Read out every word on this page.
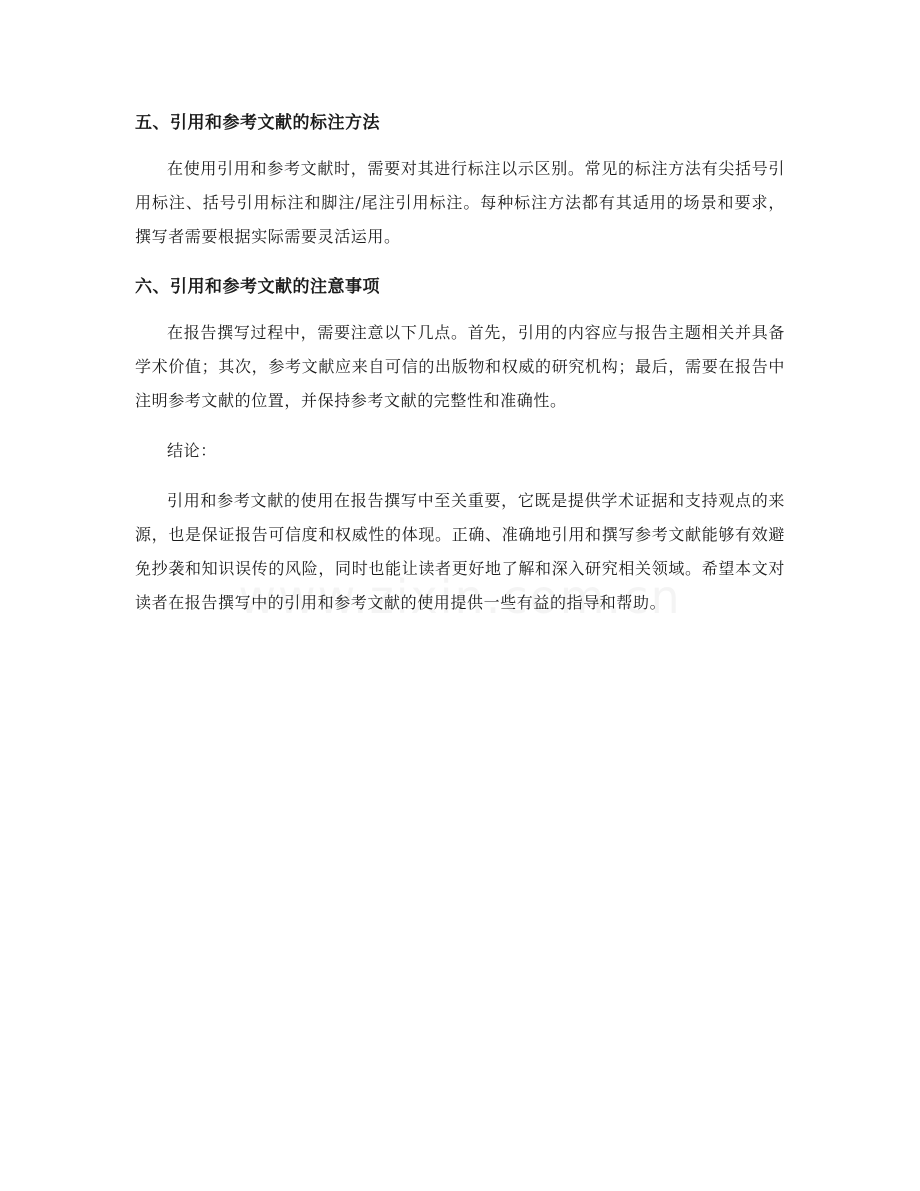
五、引用和参考文献的标注方法

在使用引用和参考文献时，需要对其进行标注以示区别。常见的标注方法有尖括号引用标注、括号引用标注和脚注/尾注引用标注。每种标注方法都有其适用的场景和要求，撰写者需要根据实际需要灵活运用。

六、引用和参考文献的注意事项

在报告撰写过程中，需要注意以下几点。首先，引用的内容应与报告主题相关并具备学术价值；其次，参考文献应来自可信的出版物和权威的研究机构；最后，需要在报告中注明参考文献的位置，并保持参考文献的完整性和准确性。

结论：

引用和参考文献的使用在报告撰写中至关重要，它既是提供学术证据和支持观点的来源，也是保证报告可信度和权威性的体现。正确、准确地引用和撰写参考文献能够有效避免抄袭和知识误传的风险，同时也能让读者更好地了解和深入研究相关领域。希望本文对读者在报告撰写中的引用和参考文献的使用提供一些有益的指导和帮助。
